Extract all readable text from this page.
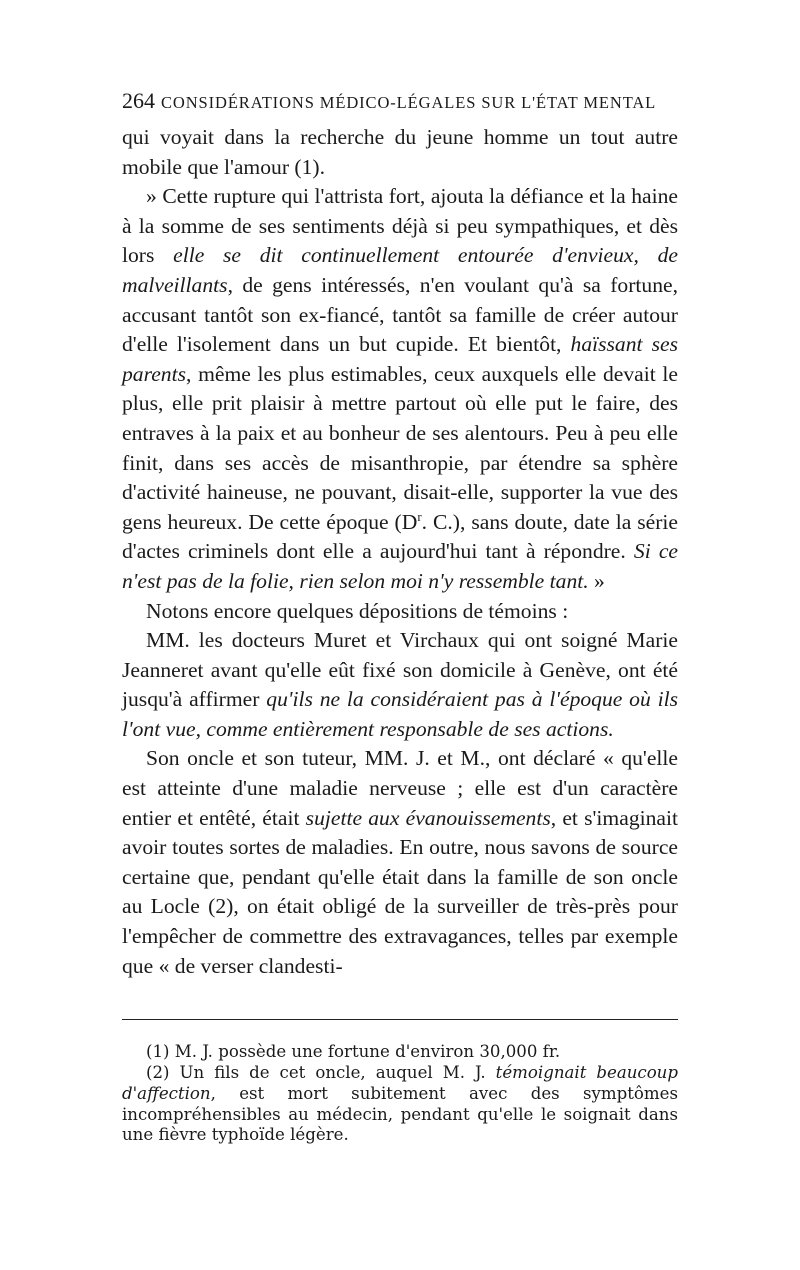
264 CONSIDÉRATIONS MÉDICO-LÉGALES SUR L'ÉTAT MENTAL

qui voyait dans la recherche du jeune homme un tout autre mobile que l'amour (1).

» Cette rupture qui l'attrista fort, ajouta la défiance et la haine à la somme de ses sentiments déjà si peu sympathiques, et dès lors elle se dit continuellement entourée d'envieux, de malveillants, de gens intéressés, n'en voulant qu'à sa fortune, accusant tantôt son ex-fiancé, tantôt sa famille de créer autour d'elle l'isolement dans un but cupide. Et bientôt, haïssant ses parents, même les plus estimables, ceux auxquels elle devait le plus, elle prit plaisir à mettre partout où elle put le faire, des entraves à la paix et au bonheur de ses alentours. Peu à peu elle finit, dans ses accès de misanthropie, par étendre sa sphère d'activité haineuse, ne pouvant, disait-elle, supporter la vue des gens heureux. De cette époque ($D^r$. C.), sans doute, date la série d'actes criminels dont elle a aujourd'hui tant à répondre. Si ce n'est pas de la folie, rien selon moi n'y ressemble tant. »

Notons encore quelques dépositions de témoins :

MM. les docteurs Muret et Virchaux qui ont soigné Marie Jeanneret avant qu'elle eût fixé son domicile à Genève, ont été jusqu'à affirmer qu'ils ne la considéraient pas à l'époque où ils l'ont vue, comme entièrement responsable de ses actions.

Son oncle et son tuteur, MM. J. et M., ont déclaré « qu'elle est atteinte d'une maladie nerveuse ; elle est d'un caractère entier et entêté, était sujette aux évanouissements, et s'imaginait avoir toutes sortes de maladies. En outre, nous savons de source certaine que, pendant qu'elle était dans la famille de son oncle au Locle (2), on était obligé de la surveiller de très-près pour l'empêcher de commettre des extravagances, telles par exemple que « de verser clandesti-

(1) M. J. possède une fortune d'environ 30,000 fr.

(2) Un fils de cet oncle, auquel M. J. témoignait beaucoup d'affection, est mort subitement avec des symptômes incompréhensibles au médecin, pendant qu'elle le soignait dans une fièvre typhoïde légère.
